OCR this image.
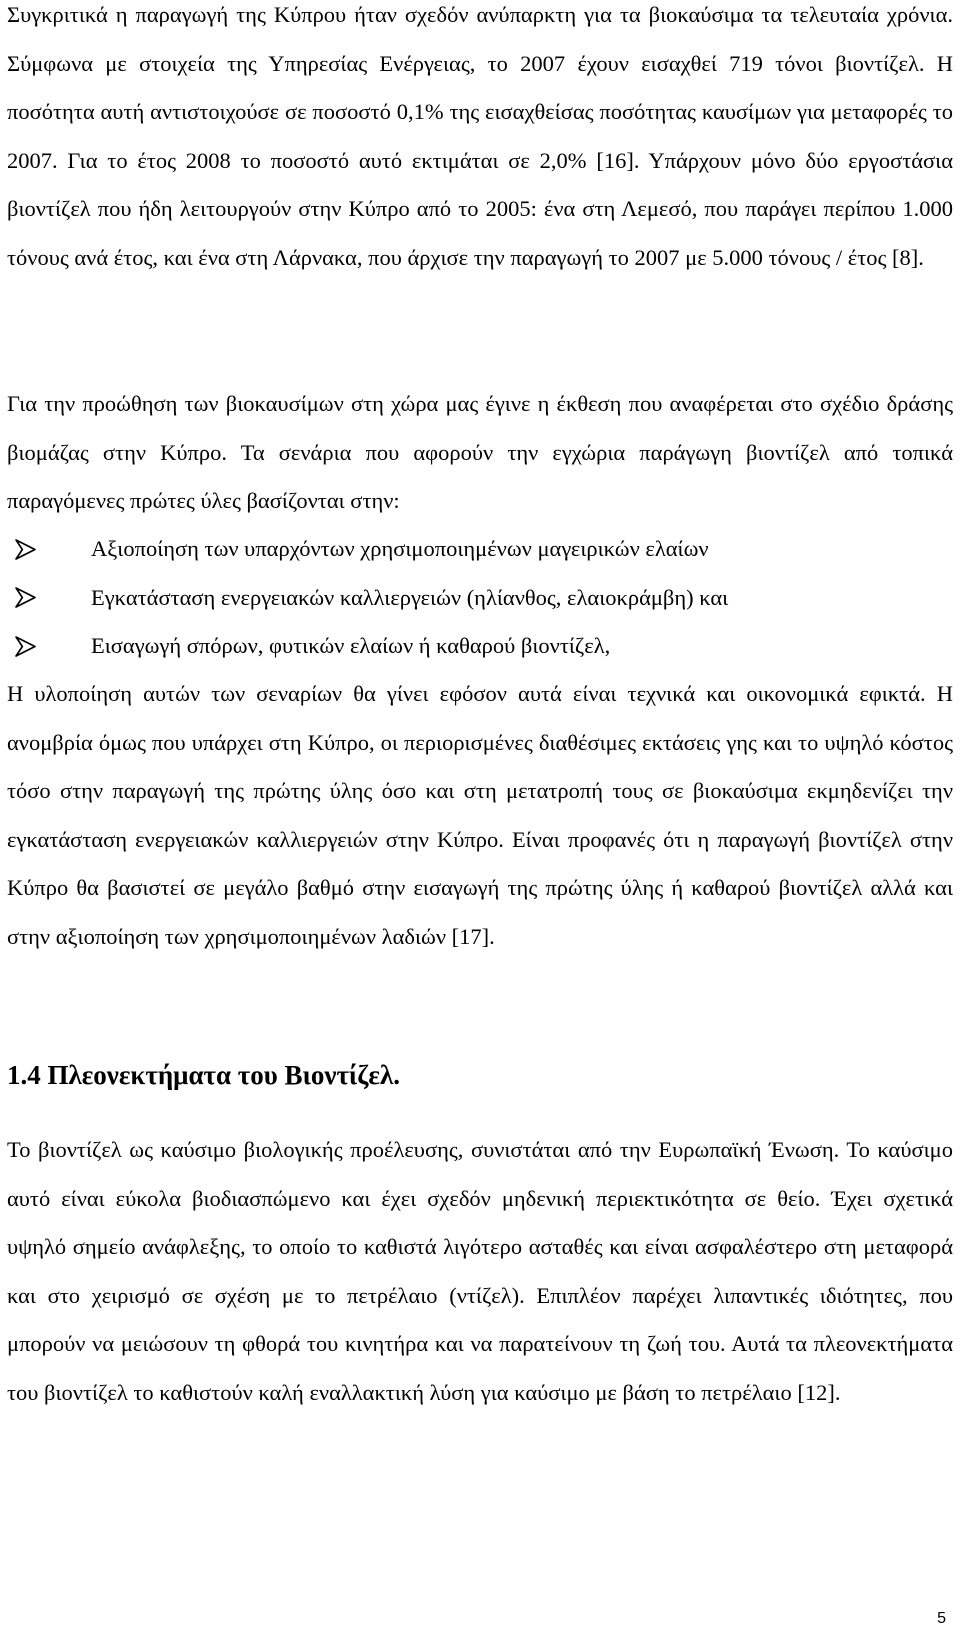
Συγκριτικά η παραγωγή της Κύπρου ήταν σχεδόν ανύπαρκτη για τα βιοκαύσιμα τα τελευταία χρόνια. Σύμφωνα με στοιχεία της Υπηρεσίας Ενέργειας, το 2007 έχουν εισαχθεί 719 τόνοι βιοντίζελ. Η ποσότητα αυτή αντιστοιχούσε σε ποσοστό 0,1% της εισαχθείσας ποσότητας καυσίμων για μεταφορές το 2007. Για το έτος 2008 το ποσοστό αυτό εκτιμάται σε 2,0% [16]. Υπάρχουν μόνο δύο εργοστάσια βιοντίζελ που ήδη λειτουργούν στην Κύπρο από το 2005: ένα στη Λεμεσό, που παράγει περίπου 1.000 τόνους ανά έτος, και ένα στη Λάρνακα, που άρχισε την παραγωγή το 2007 με 5.000 τόνους / έτος [8].

Για την προώθηση των βιοκαυσίμων στη χώρα μας έγινε η έκθεση που αναφέρεται στο σχέδιο δράσης βιομάζας στην Κύπρο. Τα σενάρια που αφορούν την εγχώρια παράγωγη βιοντίζελ από τοπικά παραγόμενες πρώτες ύλες βασίζονται στην:

Αξιοποίηση των υπαρχόντων χρησιμοποιημένων μαγειρικών ελαίων
Εγκατάσταση ενεργειακών καλλιεργειών (ηλίανθος, ελαιοκράμβη) και
Εισαγωγή σπόρων, φυτικών ελαίων ή καθαρού βιοντίζελ,

Η υλοποίηση αυτών των σεναρίων θα γίνει εφόσον αυτά είναι τεχνικά και οικονομικά εφικτά. Η ανομβρία όμως που υπάρχει στη Κύπρο, οι περιορισμένες διαθέσιμες εκτάσεις γης και το υψηλό κόστος τόσο στην παραγωγή της πρώτης ύλης όσο και στη μετατροπή τους σε βιοκαύσιμα εκμηδενίζει την εγκατάσταση ενεργειακών καλλιεργειών στην Κύπρο. Είναι προφανές ότι η παραγωγή βιοντίζελ στην Κύπρο θα βασιστεί σε μεγάλο βαθμό στην εισαγωγή της πρώτης ύλης ή καθαρού βιοντίζελ αλλά και στην αξιοποίηση των χρησιμοποιημένων λαδιών [17].

1.4 Πλεονεκτήματα του Βιοντίζελ.

Το βιοντίζελ ως καύσιμο βιολογικής προέλευσης, συνιστάται από την Ευρωπαϊκή Ένωση. Το καύσιμο αυτό είναι εύκολα βιοδιασπώμενο και έχει σχεδόν μηδενική περιεκτικότητα σε θείο. Έχει σχετικά υψηλό σημείο ανάφλεξης, το οποίο το καθιστά λιγότερο ασταθές και είναι ασφαλέστερο στη μεταφορά και στο χειρισμό σε σχέση με το πετρέλαιο (ντίζελ). Επιπλέον παρέχει λιπαντικές ιδιότητες, που μπορούν να μειώσουν τη φθορά του κινητήρα και να παρατείνουν τη ζωή του. Αυτά τα πλεονεκτήματα του βιοντίζελ το καθιστούν καλή εναλλακτική λύση για καύσιμο με βάση το πετρέλαιο [12].

5
